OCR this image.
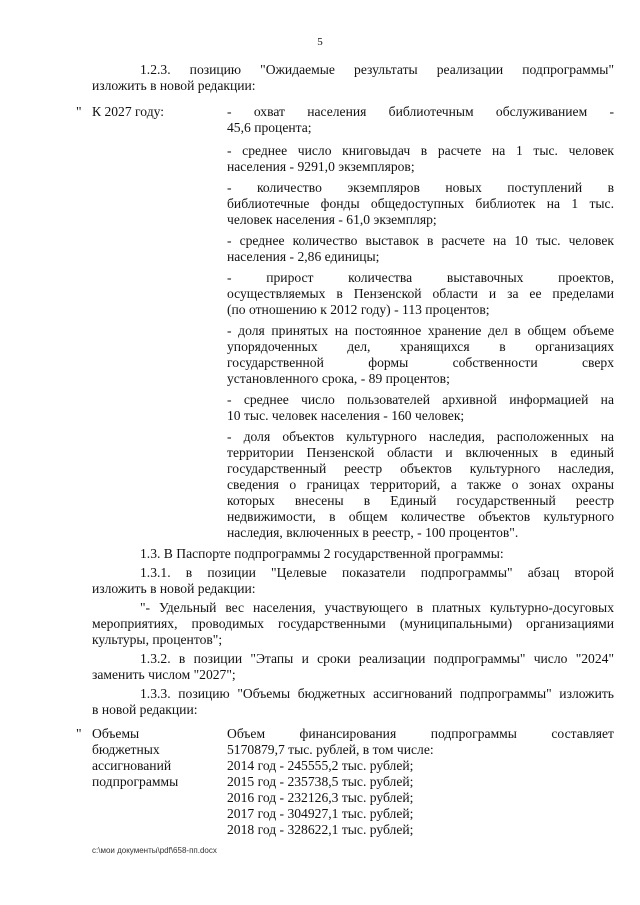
5
1.2.3. позицию "Ожидаемые результаты реализации подпрограммы"
изложить в новой редакции:
" К 2027 году:	- охват населения библиотечным обслуживанием -
45,6 процента;
- среднее число книговыдач в расчете на 1 тыс. человек
населения - 9291,0 экземпляров;
- количество экземпляров новых поступлений в
библиотечные фонды общедоступных библиотек на 1 тыс.
человек населения - 61,0 экземпляр;
- среднее количество выставок в расчете на 10 тыс. человек
населения - 2,86 единицы;
- прирост количества выставочных проектов,
осуществляемых в Пензенской области и за ее пределами
(по отношению к 2012 году) - 113 процентов;
- доля принятых на постоянное хранение дел в общем объеме
упорядоченных дел, хранящихся в организациях
государственной формы собственности сверх
установленного срока, - 89 процентов;
- среднее число пользователей архивной информацией на
10 тыс. человек населения - 160 человек;
- доля объектов культурного наследия, расположенных на
территории Пензенской области и включенных в единый
государственный реестр объектов культурного наследия,
сведения о границах территорий, а также о зонах охраны
которых внесены в Единый государственный реестр
недвижимости, в общем количестве объектов культурного
наследия, включенных в реестр, - 100 процентов".
1.3. В Паспорте подпрограммы 2 государственной программы:
1.3.1. в позиции "Целевые показатели подпрограммы" абзац второй
изложить в новой редакции:
"- Удельный вес населения, участвующего в платных культурно-досуговых
мероприятиях, проводимых государственными (муниципальными) организациями
культуры, процентов";
1.3.2. в позиции "Этапы и сроки реализации подпрограммы" число "2024"
заменить числом "2027";
1.3.3. позицию "Объемы бюджетных ассигнований подпрограммы" изложить
в новой редакции:
" Объемы
бюджетных
ассигнований
подпрограммы
Объем финансирования подпрограммы составляет
5170879,7 тыс. рублей, в том числе:
2014 год - 245555,2 тыс. рублей;
2015 год - 235738,5 тыс. рублей;
2016 год - 232126,3 тыс. рублей;
2017 год - 304927,1 тыс. рублей;
2018 год - 328622,1 тыс. рублей;
c:\мои документы\pdf\658-пп.docx
